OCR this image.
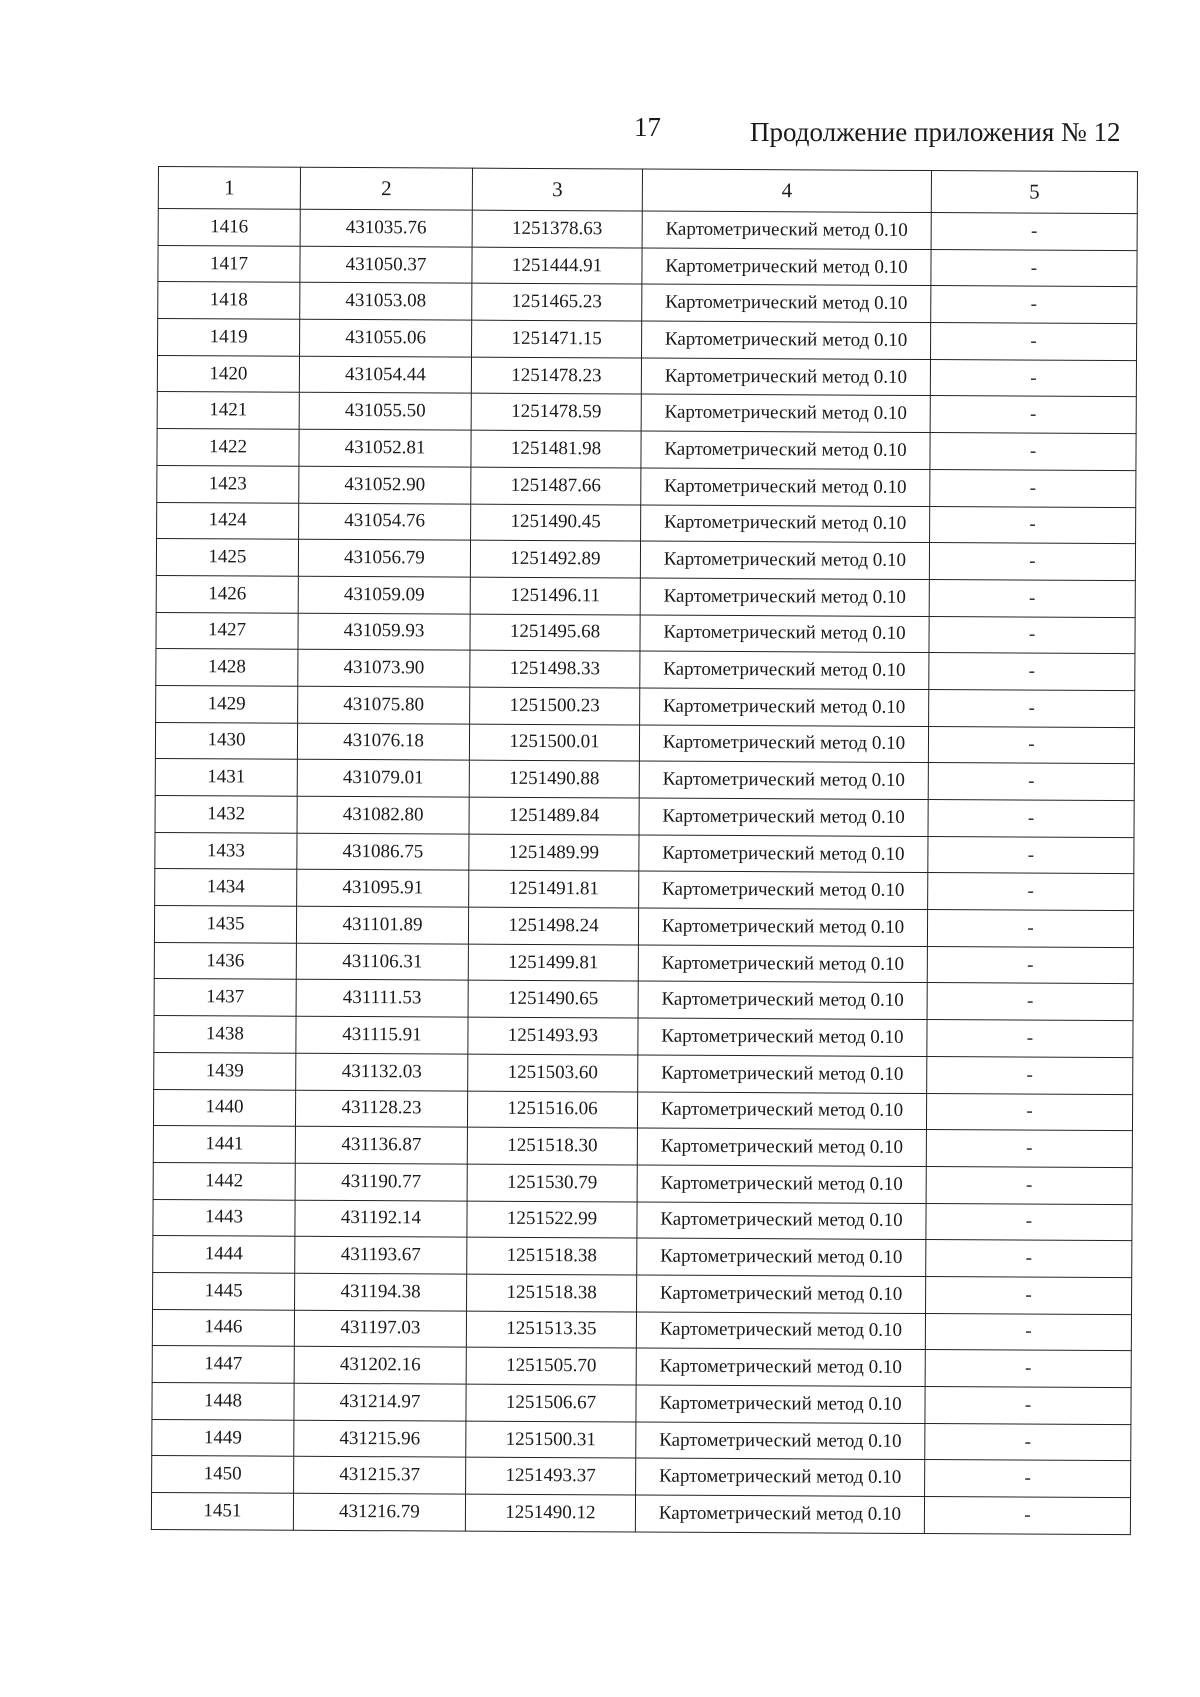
17	Продолжение приложения № 12
1	2	3	4	5
1416	431035.76	1251378.63	Картометрический метод 0.10	-
1417	431050.37	1251444.91	Картометрический метод 0.10	-
1418	431053.08	1251465.23	Картометрический метод 0.10	-
1419	431055.06	1251471.15	Картометрический метод 0.10	-
1420	431054.44	1251478.23	Картометрический метод 0.10	-
1421	431055.50	1251478.59	Картометрический метод 0.10	-
1422	431052.81	1251481.98	Картометрический метод 0.10	-
1423	431052.90	1251487.66	Картометрический метод 0.10	-
1424	431054.76	1251490.45	Картометрический метод 0.10	-
1425	431056.79	1251492.89	Картометрический метод 0.10	-
1426	431059.09	1251496.11	Картометрический метод 0.10	-
1427	431059.93	1251495.68	Картометрический метод 0.10	-
1428	431073.90	1251498.33	Картометрический метод 0.10	-
1429	431075.80	1251500.23	Картометрический метод 0.10	-
1430	431076.18	1251500.01	Картометрический метод 0.10	-
1431	431079.01	1251490.88	Картометрический метод 0.10	-
1432	431082.80	1251489.84	Картометрический метод 0.10	-
1433	431086.75	1251489.99	Картометрический метод 0.10	-
1434	431095.91	1251491.81	Картометрический метод 0.10	-
1435	431101.89	1251498.24	Картометрический метод 0.10	-
1436	431106.31	1251499.81	Картометрический метод 0.10	-
1437	431111.53	1251490.65	Картометрический метод 0.10	-
1438	431115.91	1251493.93	Картометрический метод 0.10	-
1439	431132.03	1251503.60	Картометрический метод 0.10	-
1440	431128.23	1251516.06	Картометрический метод 0.10	-
1441	431136.87	1251518.30	Картометрический метод 0.10	-
1442	431190.77	1251530.79	Картометрический метод 0.10	-
1443	431192.14	1251522.99	Картометрический метод 0.10	-
1444	431193.67	1251518.38	Картометрический метод 0.10	-
1445	431194.38	1251518.38	Картометрический метод 0.10	-
1446	431197.03	1251513.35	Картометрический метод 0.10	-
1447	431202.16	1251505.70	Картометрический метод 0.10	-
1448	431214.97	1251506.67	Картометрический метод 0.10	-
1449	431215.96	1251500.31	Картометрический метод 0.10	-
1450	431215.37	1251493.37	Картометрический метод 0.10	-
1451	431216.79	1251490.12	Картометрический метод 0.10	-
